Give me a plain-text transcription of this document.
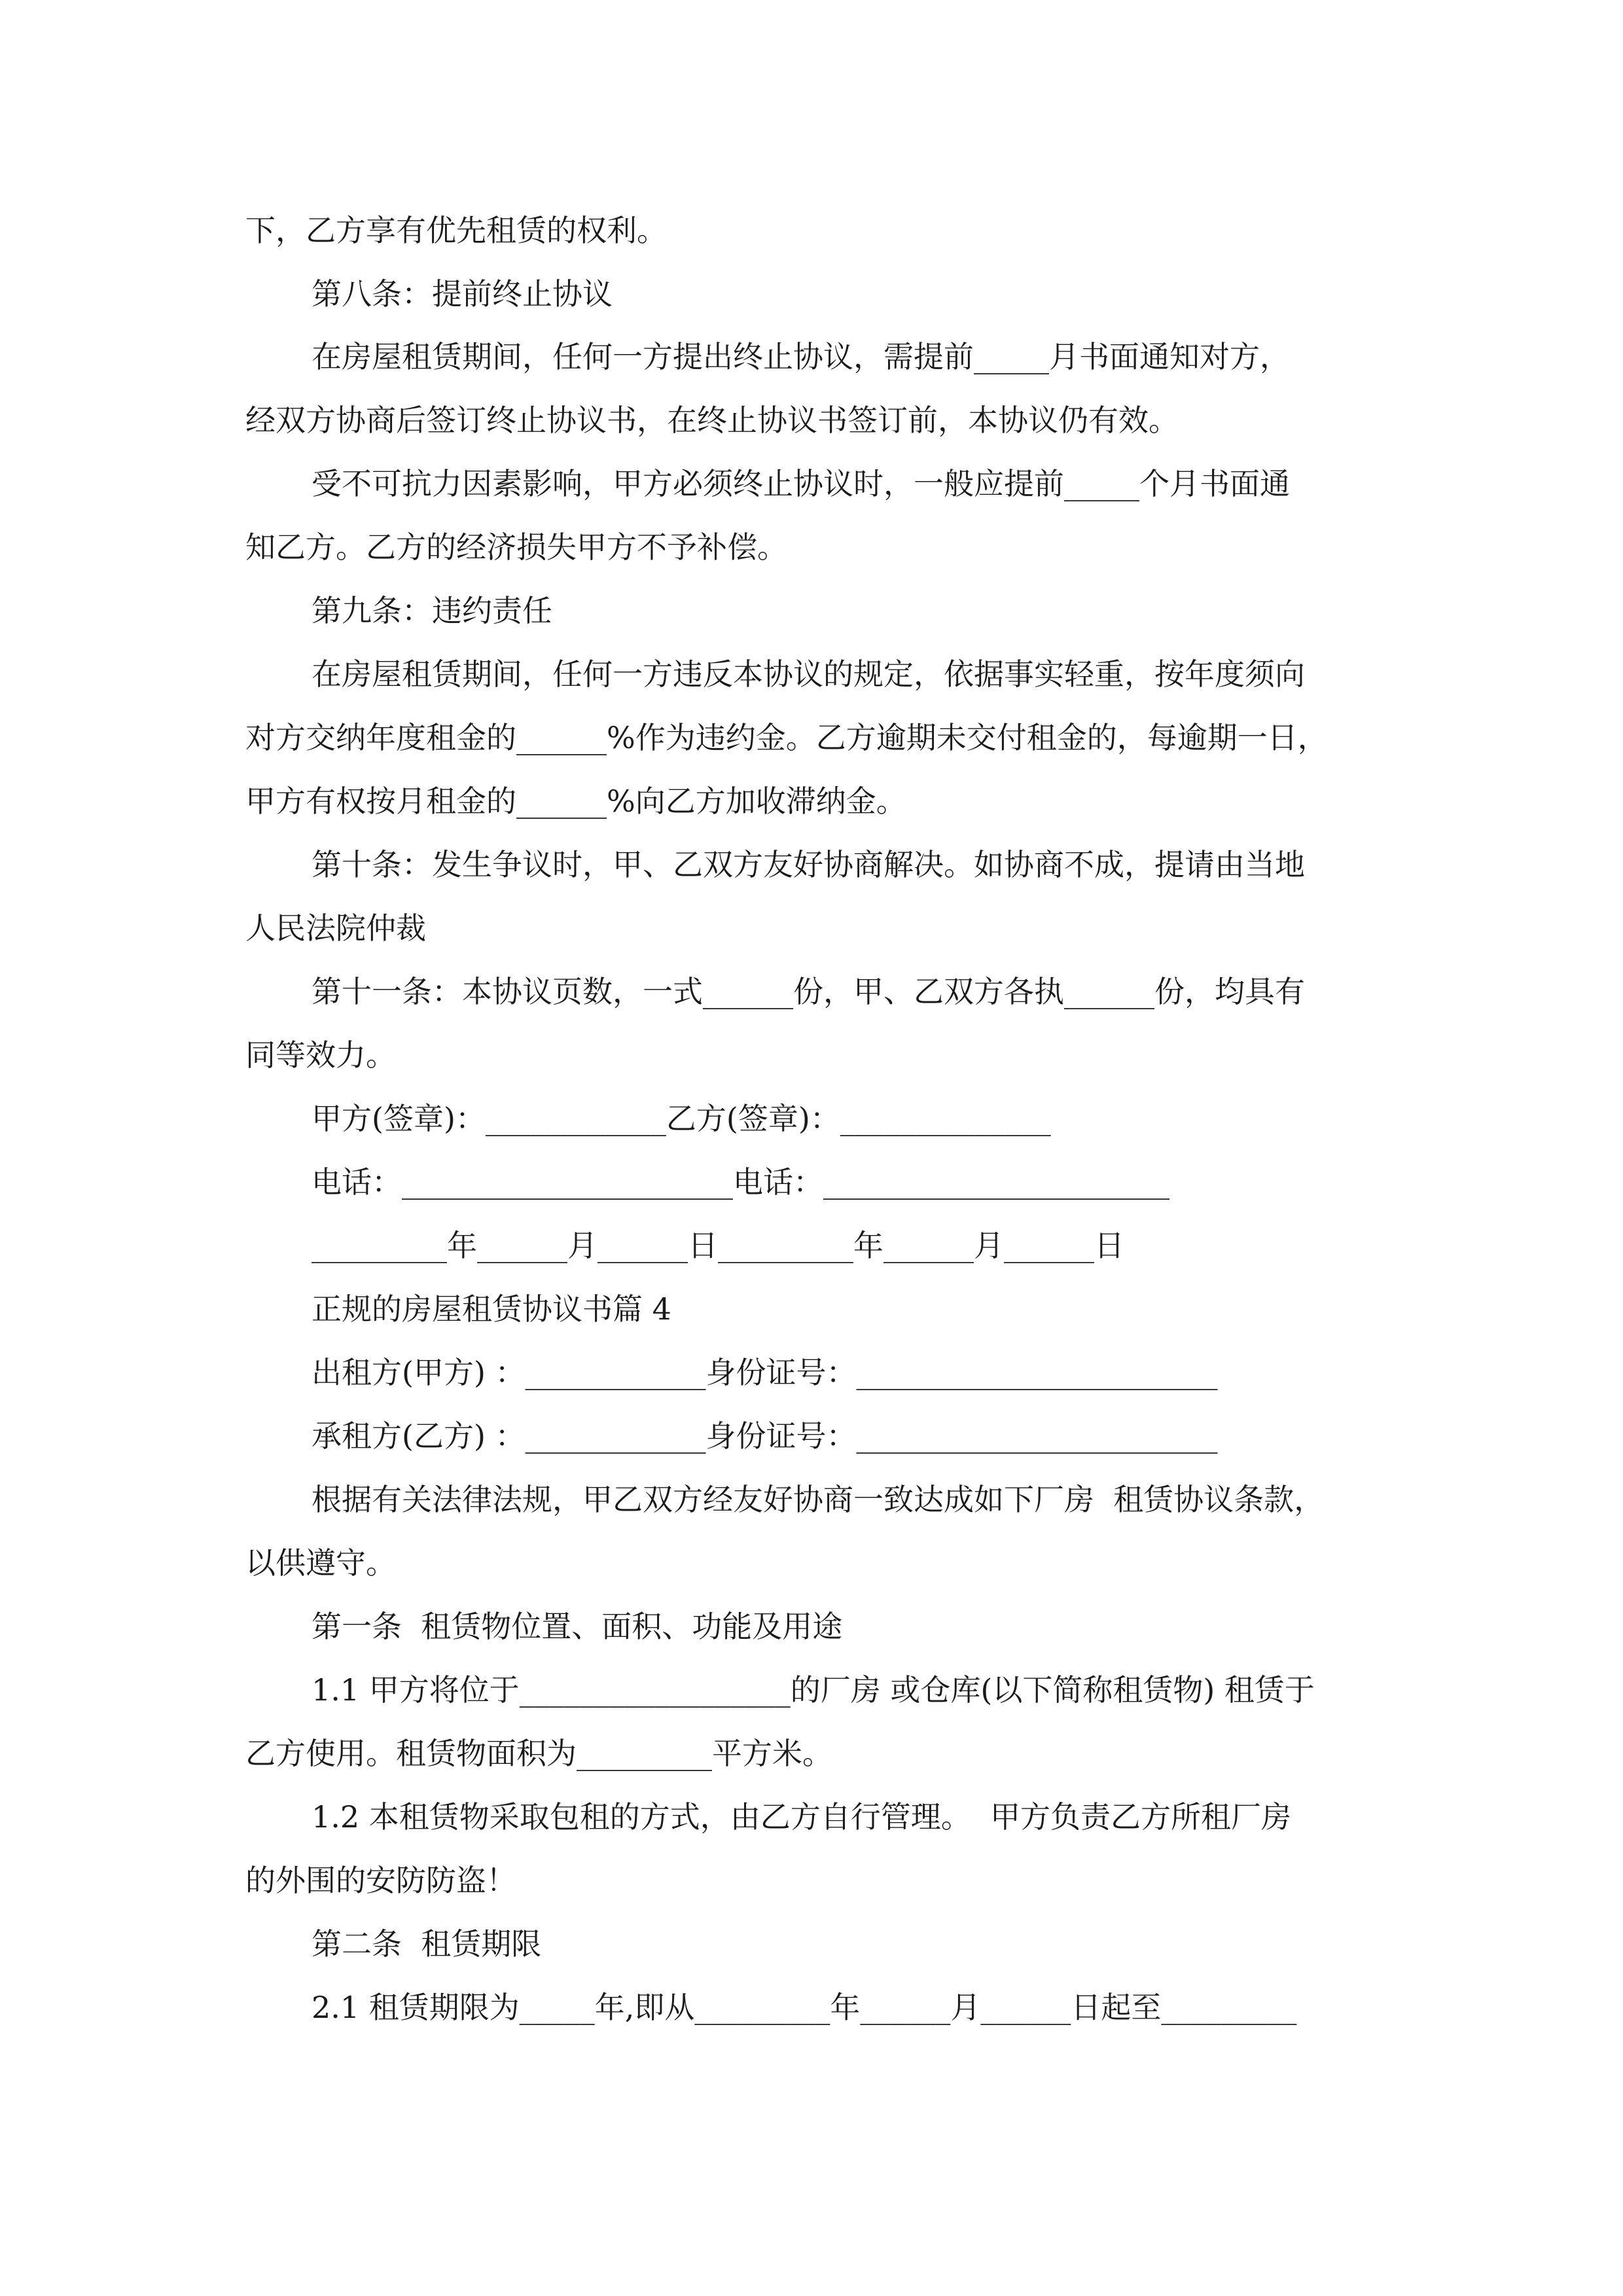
下，乙方享有优先租赁的权利。
第八条：提前终止协议
在房屋租赁期间，任何一方提出终止协议，需提前_____月书面通知对方，
经双方协商后签订终止协议书，在终止协议书签订前，本协议仍有效。
受不可抗力因素影响，甲方必须终止协议时，一般应提前_____个月书面通
知乙方。乙方的经济损失甲方不予补偿。
第九条：违约责任
在房屋租赁期间，任何一方违反本协议的规定，依据事实轻重，按年度须向
对方交纳年度租金的______%作为违约金。乙方逾期未交付租金的，每逾期一日，
甲方有权按月租金的______%向乙方加收滞纳金。
第十条：发生争议时，甲、乙双方友好协商解决。如协商不成，提请由当地
人民法院仲裁
第十一条：本协议页数，一式______份，甲、乙双方各执______份，均具有
同等效力。
甲方(签章)：____________乙方(签章)：______________
电话：______________________电话：_______________________
_________年______月______日_________年______月______日
正规的房屋租赁协议书篇 4
出租方(甲方) ：____________身份证号：________________________
承租方(乙方) ：____________身份证号：________________________
根据有关法律法规，甲乙双方经友好协商一致达成如下厂房  租赁协议条款，
以供遵守。
第一条  租赁物位置、面积、功能及用途
1.1 甲方将位于__________________的厂房 或仓库(以下简称租赁物) 租赁于
乙方使用。租赁物面积为_________平方米。
1.2 本租赁物采取包租的方式，由乙方自行管理。  甲方负责乙方所租厂房
的外围的安防防盗！
第二条  租赁期限
2.1 租赁期限为_____年,即从_________年______月______日起至_________
